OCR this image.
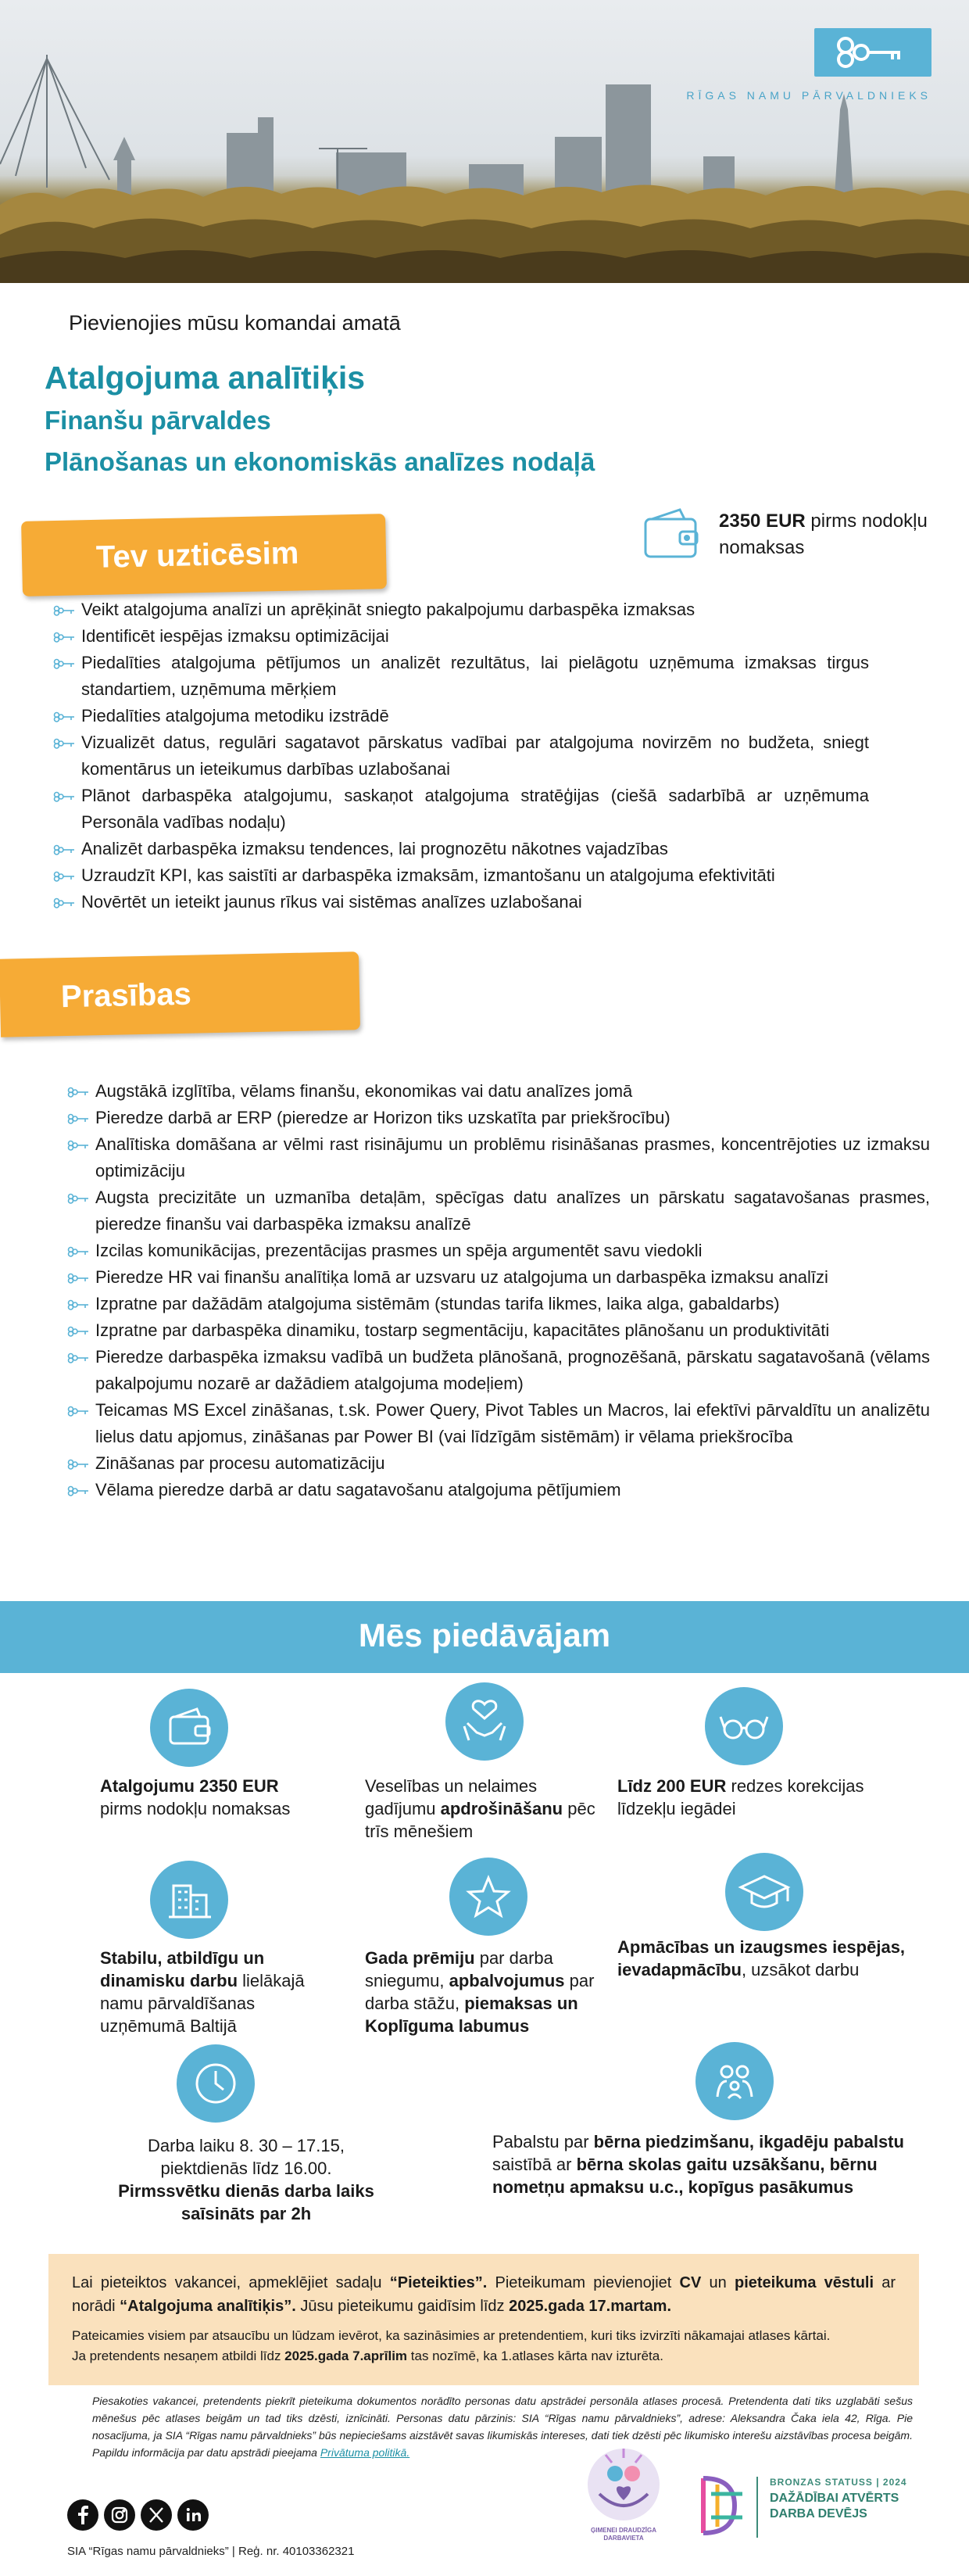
RĪGAS NAMU PĀRVALDNIEKS
Pievienojies mūsu komandai amatā
Atalgojuma analītiķis
Finanšu pārvaldes
Plānošanas un ekonomiskās analīzes nodaļā
2350 EUR pirms nodokļu nomaksas
Tev uzticēsim
Veikt atalgojuma analīzi un aprēķināt sniegto pakalpojumu darbaspēka izmaksas
Identificēt iespējas izmaksu optimizācijai
Piedalīties atalgojuma pētījumos un analizēt rezultātus, lai pielāgotu uzņēmuma izmaksas tirgus standartiem, uzņēmuma mērķiem
Piedalīties atalgojuma metodiku izstrādē
Vizualizēt datus, regulāri sagatavot pārskatus vadībai par atalgojuma novirzēm no budžeta, sniegt komentārus un ieteikumus darbības uzlabošanai
Plānot darbaspēka atalgojumu, saskaņot atalgojuma stratēģijas (ciešā sadarbībā ar uzņēmuma Personāla vadības nodaļu)
Analizēt darbaspēka izmaksu tendences, lai prognozētu nākotnes vajadzības
Uzraudzīt KPI, kas saistīti ar darbaspēka izmaksām, izmantošanu un atalgojuma efektivitāti
Novērtēt un ieteikt jaunus rīkus vai sistēmas analīzes uzlabošanai
Prasības
Augstākā izglītība, vēlams finanšu, ekonomikas vai datu analīzes jomā
Pieredze darbā ar ERP (pieredze ar Horizon tiks uzskatīta par priekšrocību)
Analītiska domāšana ar vēlmi rast risinājumu un problēmu risināšanas prasmes, koncentrējoties uz izmaksu optimizāciju
Augsta precizitāte un uzmanība detaļām, spēcīgas datu analīzes un pārskatu sagatavošanas prasmes, pieredze finanšu vai darbaspēka izmaksu analīzē
Izcilas komunikācijas, prezentācijas prasmes un spēja argumentēt savu viedokli
Pieredze HR vai finanšu analītiķa lomā ar uzsvaru uz atalgojuma un darbaspēka izmaksu analīzi
Izpratne par dažādām atalgojuma sistēmām (stundas tarifa likmes, laika alga, gabaldarbs)
Izpratne par darbaspēka dinamiku, tostarp segmentāciju, kapacitātes plānošanu un produktivitāti
Pieredze darbaspēka izmaksu vadībā un budžeta plānošanā, prognozēšanā, pārskatu sagatavošanā (vēlams pakalpojumu nozarē ar dažādiem atalgojuma modeļiem)
Teicamas MS Excel zināšanas, t.sk. Power Query, Pivot Tables un Macros, lai efektīvi pārvaldītu un analizētu lielus datu apjomus, zināšanas par Power BI (vai līdzīgām sistēmām) ir vēlama priekšrocība
Zināšanas par procesu automatizāciju
Vēlama pieredze darbā ar datu sagatavošanu atalgojuma pētījumiem
Mēs piedāvājam
Atalgojumu 2350 EUR
pirms nodokļu nomaksas
Veselības un nelaimes gadījumu apdrošināšanu pēc trīs mēnešiem
Līdz 200 EUR redzes korekcijas līdzekļu iegādei
Stabilu, atbildīgu un dinamisku darbu lielākajā namu pārvaldīšanas uzņēmumā Baltijā
Gada prēmiju par darba sniegumu, apbalvojumus par darba stāžu, piemaksas un Koplīguma labumus
Apmācības un izaugsmes iespējas, ievadapmācību, uzsākot darbu
Darba laiku 8. 30 – 17.15,
piektdienās līdz 16.00.
Pirmssvētku dienās darba laiks saīsināts par 2h
Pabalstu par bērna piedzimšanu, ikgadēju pabalstu saistībā ar bērna skolas gaitu uzsākšanu, bērnu nometņu apmaksu u.c., kopīgus pasākumus

Lai pieteiktos vakancei, apmeklējiet sadaļu “Pieteikties”. Pieteikumam pievienojiet CV un pieteikuma vēstuli ar norādi “Atalgojuma analītiķis”. Jūsu pieteikumu gaidīsim līdz 2025.gada 17.martam.

Pateicamies visiem par atsaucību un lūdzam ievērot, ka sazināsimies ar pretendentiem, kuri tiks izvirzīti nākamajai atlases kārtai.
Ja pretendents nesaņem atbildi līdz 2025.gada 7.aprīlim tas nozīmē, ka 1.atlases kārta nav izturēta.

Piesakoties vakancei, pretendents piekrīt pieteikuma dokumentos norādīto personas datu apstrādei personāla atlases procesā. Pretendenta dati tiks uzglabāti sešus mēnešus pēc atlases beigām un tad tiks dzēsti, iznīcināti. Personas datu pārzinis: SIA “Rīgas namu pārvaldnieks”, adrese: Aleksandra Čaka iela 42, Rīga. Pie nosacījuma, ja SIA “Rīgas namu pārvaldnieks” būs nepieciešams aizstāvēt savas likumiskās intereses, dati tiek dzēsti pēc likumisko interešu aizstāvības procesa beigām. Papildu informācija par datu apstrādi pieejama Privātuma politikā.
SIA “Rīgas namu pārvaldnieks” | Reģ. nr. 40103362321
ĢIMENEI DRAUDZĪGA DARBAVIETA
BRONZAS STATUSS | 2024
DAŽĀDĪBAI ATVĒRTS
DARBA DEVĒJS
